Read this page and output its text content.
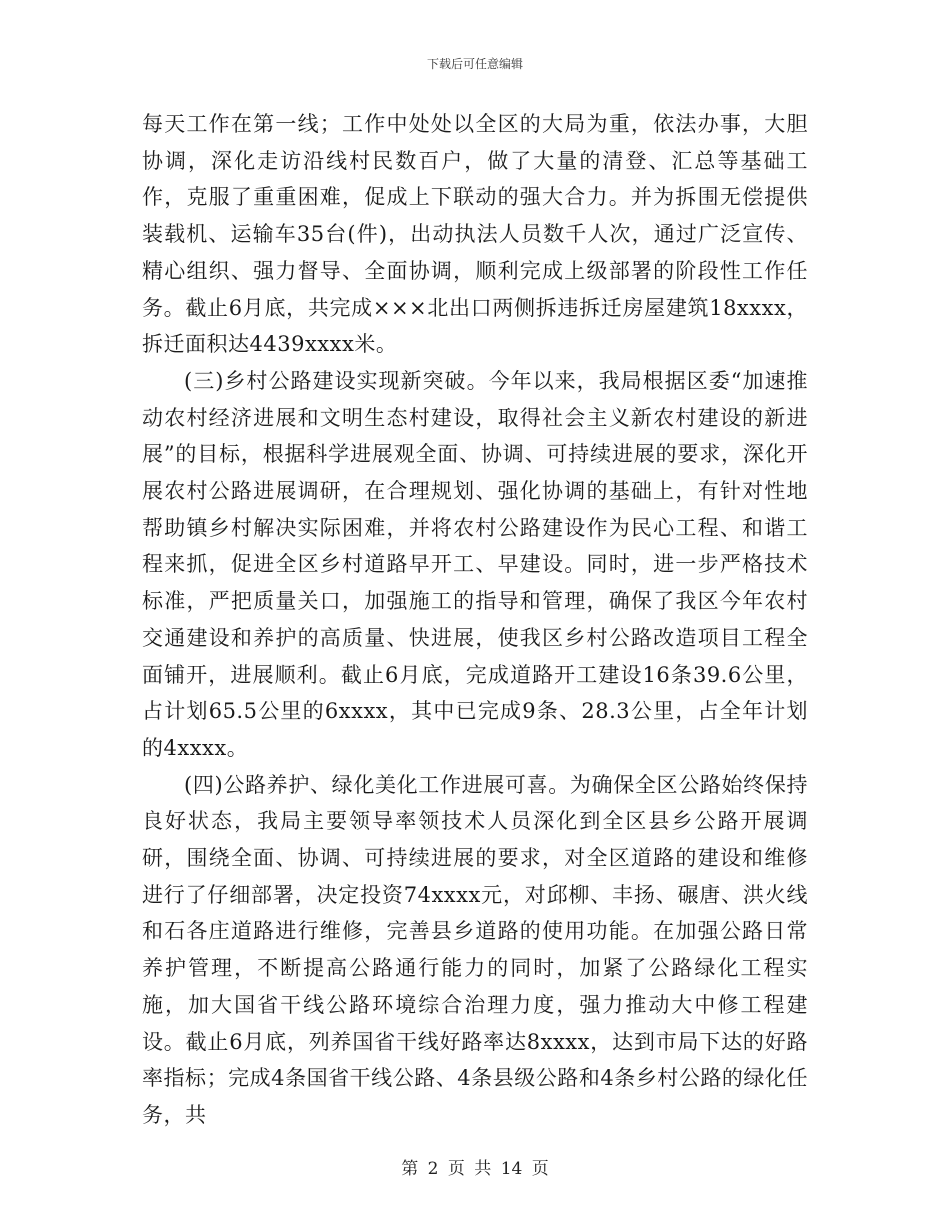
下载后可任意编辑

每天工作在第一线；工作中处处以全区的大局为重，依法办事，大胆协调，深化走访沿线村民数百户，做了大量的清登、汇总等基础工作，克服了重重困难，促成上下联动的强大合力。并为拆围无偿提供装载机、运输车35台(件)，出动执法人员数千人次，通过广泛宣传、精心组织、强力督导、全面协调，顺利完成上级部署的阶段性工作任务。截止6月底，共完成×××北出口两侧拆违拆迁房屋建筑18xxxx，拆迁面积达4439xxxx米。

(三)乡村公路建设实现新突破。今年以来，我局根据区委“加速推动农村经济进展和文明生态村建设，取得社会主义新农村建设的新进展”的目标，根据科学进展观全面、协调、可持续进展的要求，深化开展农村公路进展调研，在合理规划、强化协调的基础上，有针对性地帮助镇乡村解决实际困难，并将农村公路建设作为民心工程、和谐工程来抓，促进全区乡村道路早开工、早建设。同时，进一步严格技术标准，严把质量关口，加强施工的指导和管理，确保了我区今年农村交通建设和养护的高质量、快进展，使我区乡村公路改造项目工程全面铺开，进展顺利。截止6月底，完成道路开工建设16条39.6公里，占计划65.5公里的6xxxx，其中已完成9条、28.3公里，占全年计划的4xxxx。

(四)公路养护、绿化美化工作进展可喜。为确保全区公路始终保持良好状态，我局主要领导率领技术人员深化到全区县乡公路开展调研，围绕全面、协调、可持续进展的要求，对全区道路的建设和维修进行了仔细部署，决定投资74xxxx元，对邱柳、丰扬、碾唐、洪火线和石各庄道路进行维修，完善县乡道路的使用功能。在加强公路日常养护管理，不断提高公路通行能力的同时，加紧了公路绿化工程实施，加大国省干线公路环境综合治理力度，强力推动大中修工程建设。截止6月底，列养国省干线好路率达8xxxx，达到市局下达的好路率指标；完成4条国省干线公路、4条县级公路和4条乡村公路的绿化任务，共

第 2 页 共 14 页
